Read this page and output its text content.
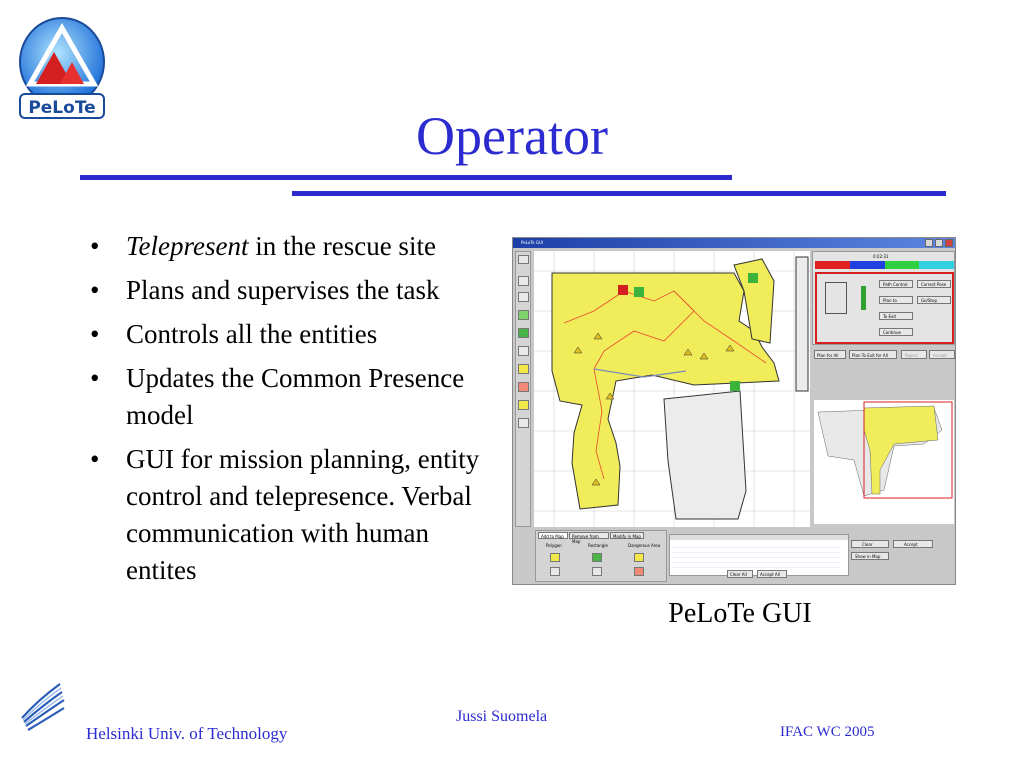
PeLoTe	Operator
• Telepresent in the rescue site
• Plans and supervises the task
• Controls all the entities
• Updates the Common Presence model
• GUI for mission planning, entity control and telepresence. Verbal communication with human entites
PeLoTe GUI
0:22:31
Path Control	Correct Pose
Plan to	Go/Stop
To Exit
Continue
Plan for All	Plan To Exit for All	Reject	Accept
Add to Map Remove from Map
Modify in Map
Polygon	Rectangle	Dangerous Area
Clear All	Accept All
Clear	Accept
Show in Map
PeLoTe GUI
Helsinki Univ. of Technology
Jussi Suomela
IFAC WC 2005
